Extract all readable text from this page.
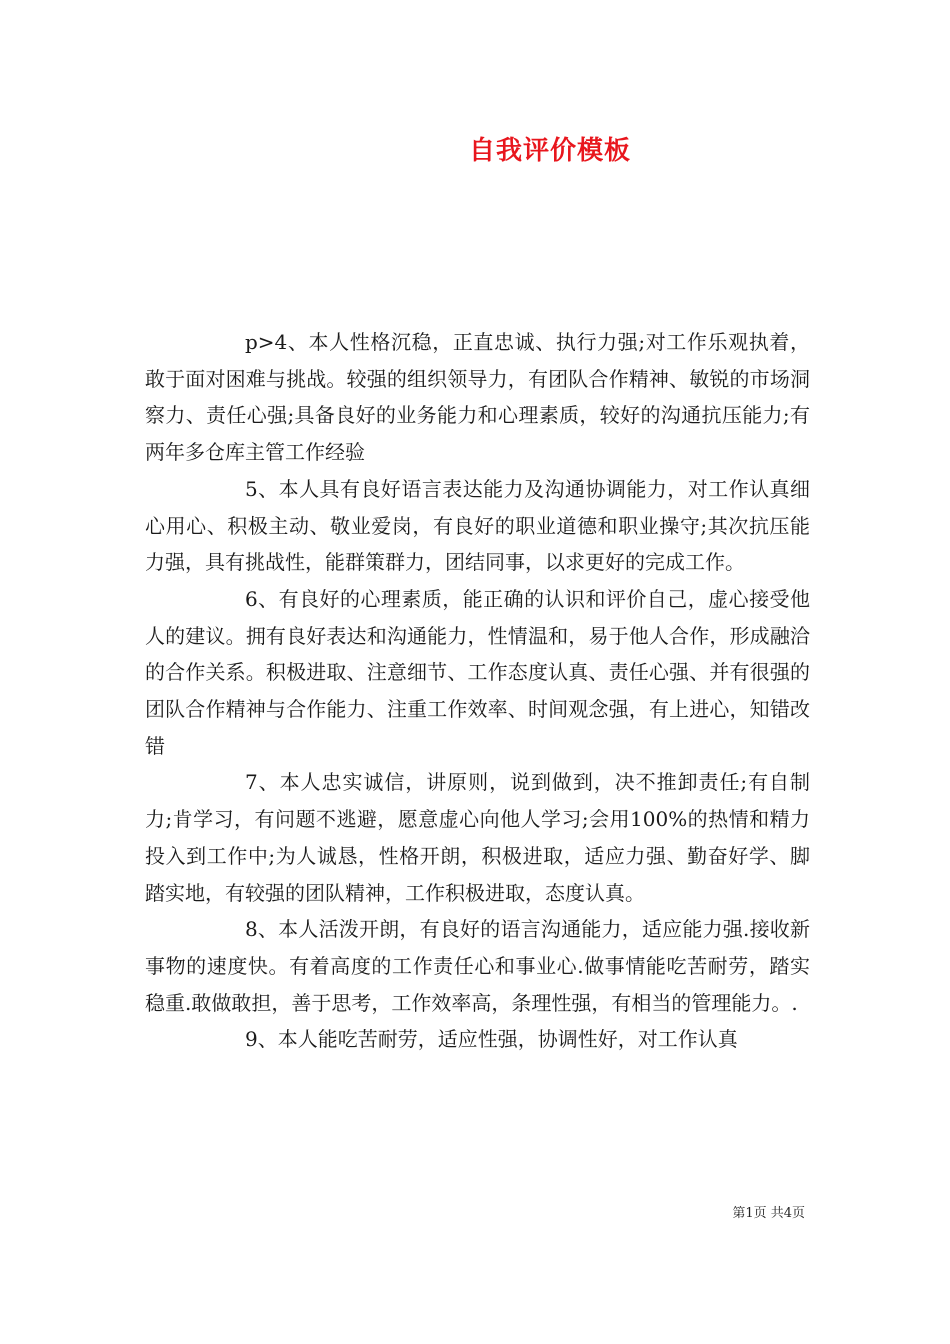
自我评价模板

p>4、本人性格沉稳，正直忠诚、执行力强;对工作乐观执着，敢于面对困难与挑战。较强的组织领导力，有团队合作精神、敏锐的市场洞察力、责任心强;具备良好的业务能力和心理素质，较好的沟通抗压能力;有两年多仓库主管工作经验

5、本人具有良好语言表达能力及沟通协调能力，对工作认真细心用心、积极主动、敬业爱岗，有良好的职业道德和职业操守;其次抗压能力强，具有挑战性，能群策群力，团结同事，以求更好的完成工作。

6、有良好的心理素质，能正确的认识和评价自己，虚心接受他人的建议。拥有良好表达和沟通能力，性情温和，易于他人合作，形成融洽的合作关系。积极进取、注意细节、工作态度认真、责任心强、并有很强的团队合作精神与合作能力、注重工作效率、时间观念强，有上进心，知错改错

7、本人忠实诚信，讲原则，说到做到，决不推卸责任;有自制力;肯学习，有问题不逃避，愿意虚心向他人学习;会用100%的热情和精力投入到工作中;为人诚恳，性格开朗，积极进取，适应力强、勤奋好学、脚踏实地，有较强的团队精神，工作积极进取，态度认真。

8、本人活泼开朗，有良好的语言沟通能力，适应能力强.接收新事物的速度快。有着高度的工作责任心和事业心.做事情能吃苦耐劳，踏实稳重.敢做敢担，善于思考，工作效率高，条理性强，有相当的管理能力。.

9、本人能吃苦耐劳，适应性强，协调性好，对工作认真

第1页 共4页
